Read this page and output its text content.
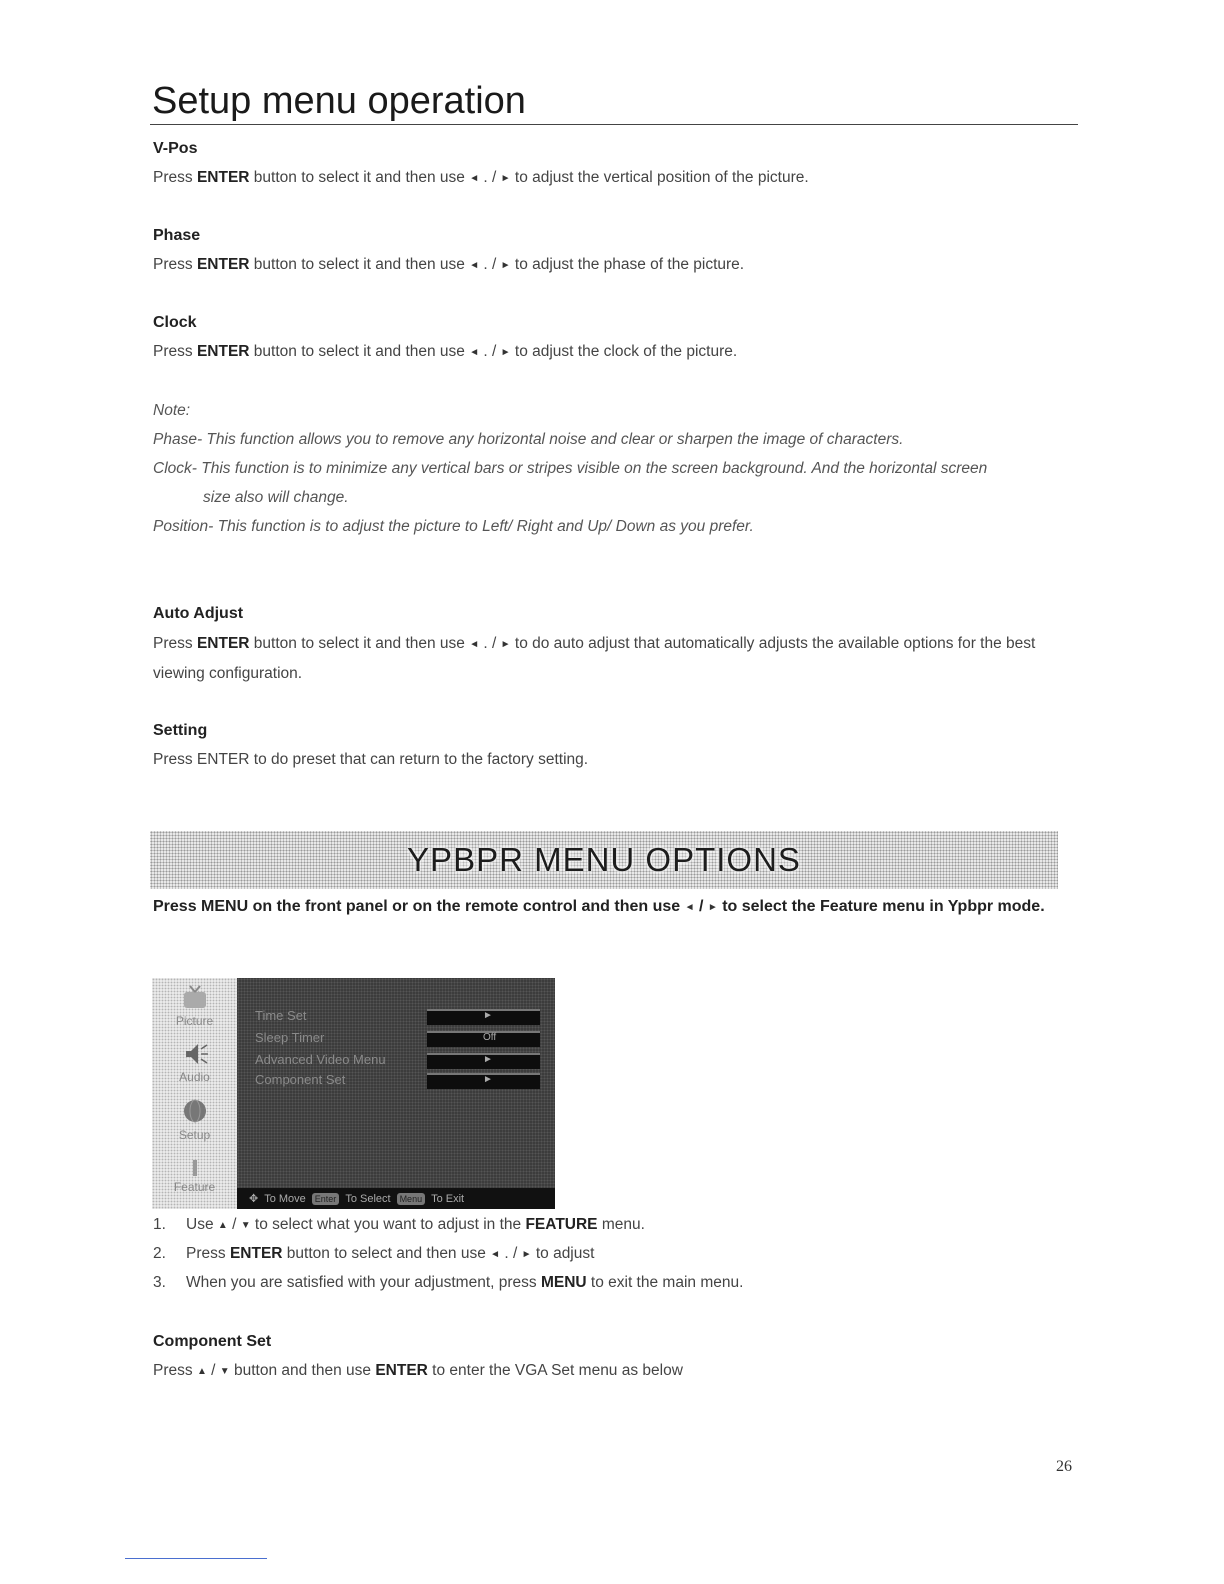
Setup menu operation

V-Pos

Press ENTER button to select it and then use ◄ . / ► to adjust the vertical position of the picture.

Phase

Press ENTER button to select it and then use ◄ . / ► to adjust the phase of the picture.

Clock

Press ENTER button to select it and then use ◄ . / ► to adjust the clock of the picture.

Note:

Phase- This function allows you to remove any horizontal noise and clear or sharpen the image of characters.

Clock- This function is to minimize any vertical bars or stripes visible on the screen background. And the horizontal screen

size also will change.

Position- This function is to adjust the picture to Left/ Right and Up/ Down as you prefer.

Auto Adjust

Press ENTER button to select it and then use ◄ . / ► to do auto adjust that automatically adjusts the available options for the best viewing configuration.

Setting

Press ENTER to do preset that can return to the factory setting.

YPBPR MENU OPTIONS

Press MENU on the front panel or on the remote control and then use ◄ / ► to select the Feature menu in Ypbpr mode.

Picture
Audio
Setup
Feature
Time Set	►
Sleep Timer	Off
Advanced Video Menu	►
Component Set	►
✥ To Move	Enter To Select	Menu To Exit
1. Use ▲ / ▼ to select what you want to adjust in the FEATURE menu.
2. Press ENTER button to select and then use ◄ . / ► to adjust
3. When you are satisfied with your adjustment, press MENU to exit the main menu.

Component Set

Press ▲ / ▼ button and then use ENTER to enter the VGA Set menu as below

26
